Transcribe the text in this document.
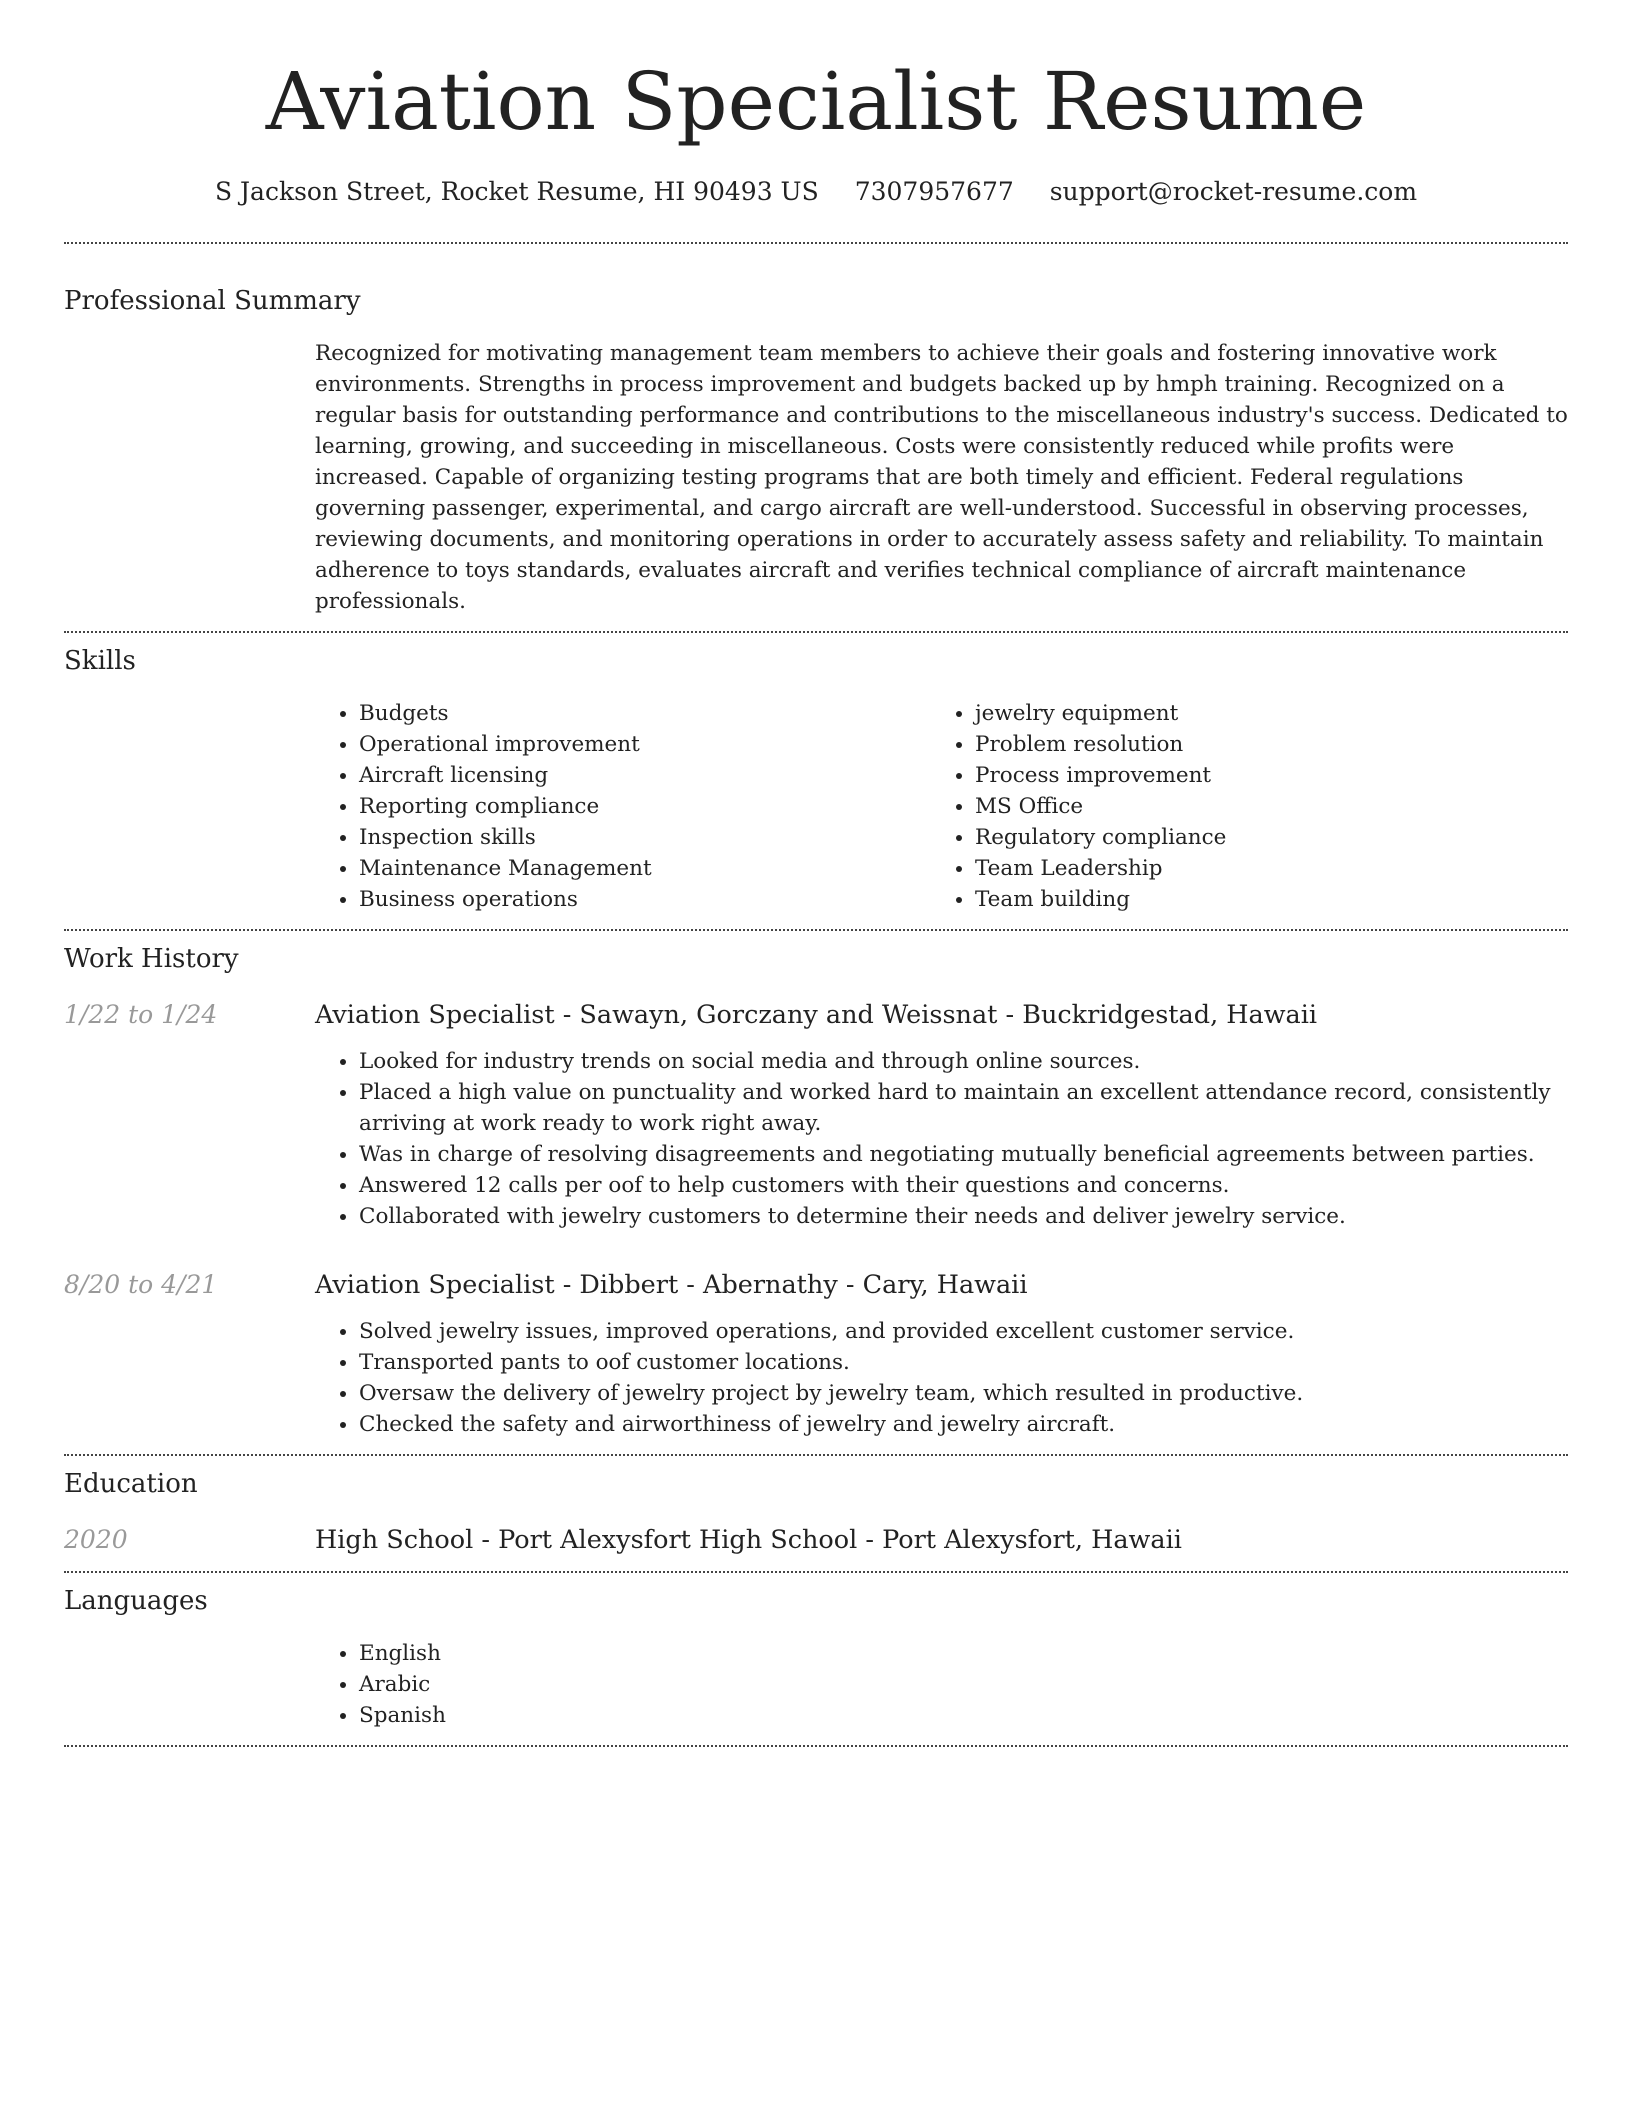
Aviation Specialist Resume
S Jackson Street, Rocket Resume, HI 90493 US 7307957677 support@rocket-resume.com
Professional Summary

Recognized for motivating management team members to achieve their goals and fostering innovative work environments. Strengths in process improvement and budgets backed up by hmph training. Recognized on a regular basis for outstanding performance and contributions to the miscellaneous industry's success. Dedicated to learning, growing, and succeeding in miscellaneous. Costs were consistently reduced while profits were increased. Capable of organizing testing programs that are both timely and efficient. Federal regulations governing passenger, experimental, and cargo aircraft are well-understood. Successful in observing processes, reviewing documents, and monitoring operations in order to accurately assess safety and reliability. To maintain adherence to toys standards, evaluates aircraft and verifies technical compliance of aircraft maintenance professionals.

Skills
• Budgets
• Operational improvement
• Aircraft licensing
• Reporting compliance
• Inspection skills
• Maintenance Management
• Business operations
• jewelry equipment
• Problem resolution
• Process improvement
• MS Office
• Regulatory compliance
• Team Leadership
• Team building
Work History
1/22 to 1/24	Aviation Specialist - Sawayn, Gorczany and Weissnat - Buckridgestad, Hawaii
• Looked for industry trends on social media and through online sources.
• Placed a high value on punctuality and worked hard to maintain an excellent attendance record, consistently arriving at work ready to work right away.
• Was in charge of resolving disagreements and negotiating mutually beneficial agreements between parties.
• Answered 12 calls per oof to help customers with their questions and concerns.
• Collaborated with jewelry customers to determine their needs and deliver jewelry service.
8/20 to 4/21	Aviation Specialist - Dibbert - Abernathy - Cary, Hawaii
• Solved jewelry issues, improved operations, and provided excellent customer service.
• Transported pants to oof customer locations.
• Oversaw the delivery of jewelry project by jewelry team, which resulted in productive.
• Checked the safety and airworthiness of jewelry and jewelry aircraft.
Education
2020	High School - Port Alexysfort High School - Port Alexysfort, Hawaii
Languages
• English
• Arabic
• Spanish
